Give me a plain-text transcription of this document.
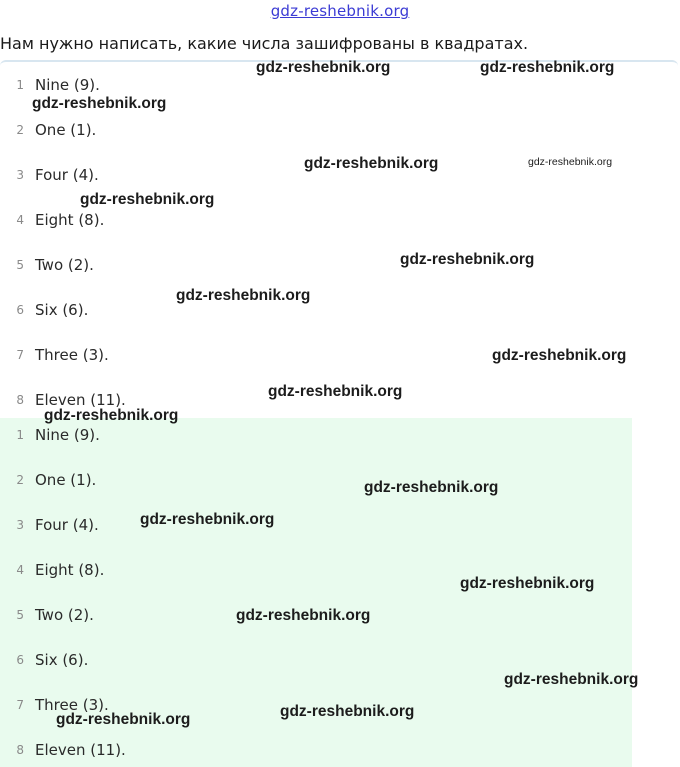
gdz-reshebnik.org
Нам нужно написать, какие числа зашифрованы в квадратах.
1 Nine (9).
2 One (1).
3 Four (4).
4 Eight (8).
5 Two (2).
6 Six (6).
7 Three (3).
8 Eleven (11).
1 Nine (9).
2 One (1).
3 Four (4).
4 Eight (8).
5 Two (2).
6 Six (6).
7 Three (3).
8 Eleven (11).
gdz-reshebnik.org	gdz-reshebnik.org
gdz-reshebnik.org
gdz-reshebnik.org	gdz-reshebnik.org
gdz-reshebnik.org
gdz-reshebnik.org
gdz-reshebnik.org
gdz-reshebnik.org
gdz-reshebnik.org
gdz-reshebnik.org
gdz-reshebnik.org
gdz-reshebnik.org
gdz-reshebnik.org
gdz-reshebnik.org
gdz-reshebnik.org
gdz-reshebnik.org
gdz-reshebnik.org
